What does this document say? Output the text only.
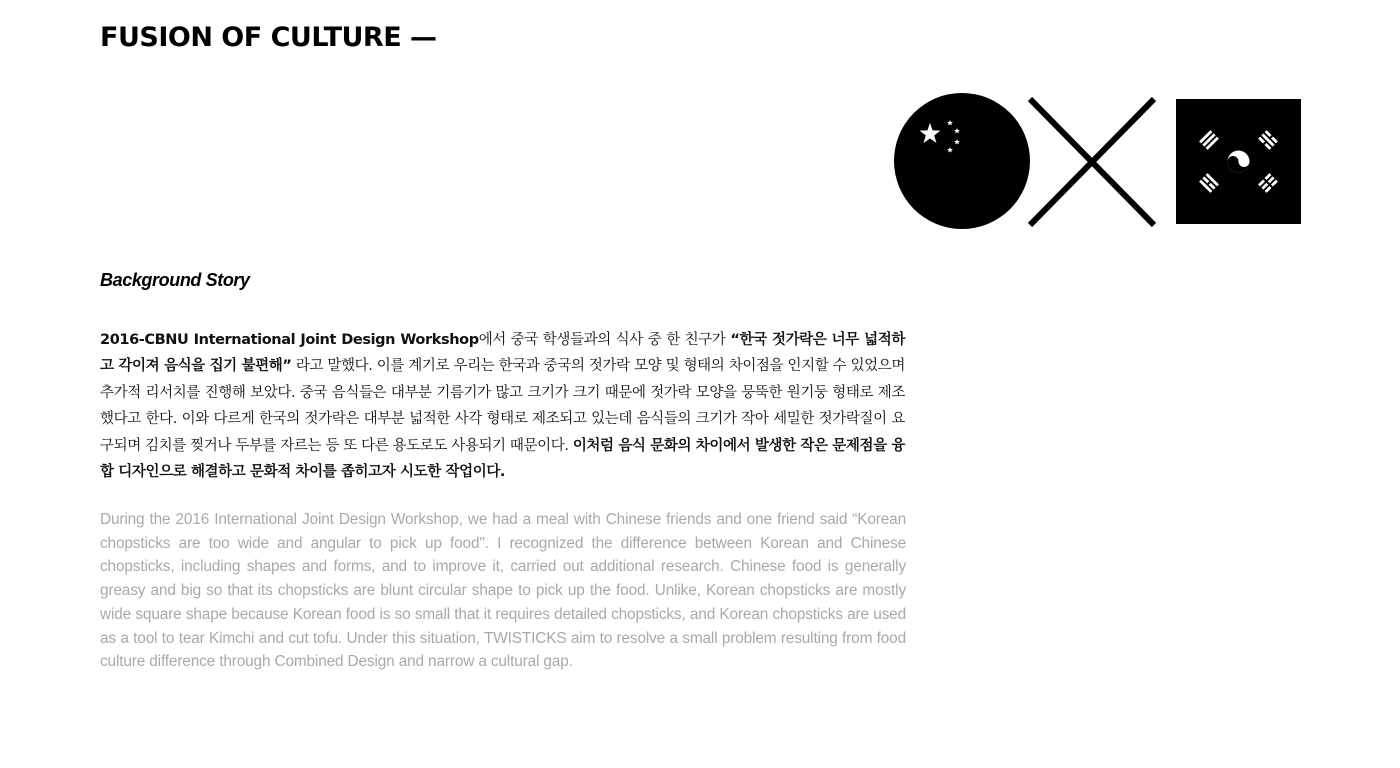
FUSION OF CULTURE —
Background Story

2016-CBNU International Joint Design Workshop에서 중국 학생들과의 식사 중 한 친구가 “한국 젓가락은 너무 넓적하고 각이져 음식을 집기 불편해” 라고 말했다. 이를 계기로 우리는 한국과 중국의 젓가락 모양 및 형태의 차이점을 인지할 수 있었으며 추가적 리서치를 진행해 보았다. 중국 음식들은 대부분 기름기가 많고 크기가 크기 때문에 젓가락 모양을 뭉뚝한 원기둥 형태로 제조했다고 한다. 이와 다르게 한국의 젓가락은 대부분 넓적한 사각 형태로 제조되고 있는데 음식들의 크기가 작아 세밀한 젓가락질이 요구되며 김치를 찢거나 두부를 자르는 등 또 다른 용도로도 사용되기 때문이다. 이처럼 음식 문화의 차이에서 발생한 작은 문제점을 융합 디자인으로 해결하고 문화적 차이를 좁히고자 시도한 작업이다.

During the 2016 International Joint Design Workshop, we had a meal with Chinese friends and one friend said “Korean chopsticks are too wide and angular to pick up food". I recognized the difference between Korean and Chinese chopsticks, including shapes and forms, and to improve it, carried out additional research. Chinese food is generally greasy and big so that its chopsticks are blunt circular shape to pick up the food. Unlike, Korean chopsticks are mostly wide square shape because Korean food is so small that it requires detailed chopsticks, and Korean chopsticks are used as a tool to tear Kimchi and cut tofu. Under this situation, TWISTICKS aim to resolve a small problem resulting from food culture difference through Combined Design and narrow a cultural gap.
